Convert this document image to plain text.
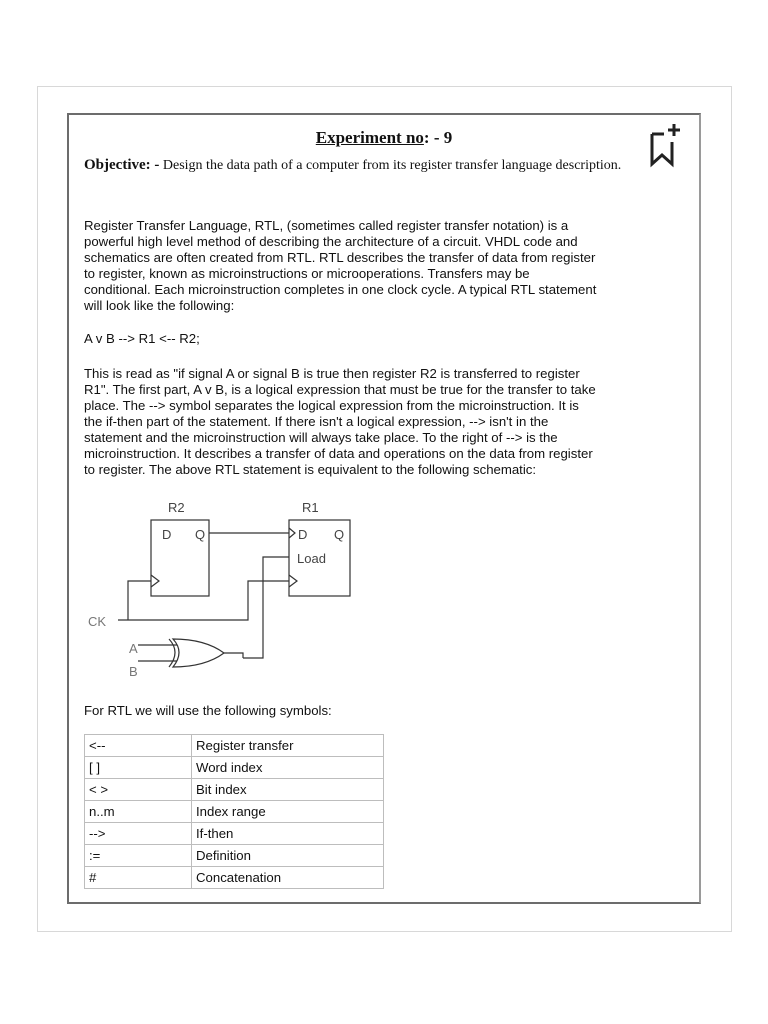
Experiment no: - 9
Objective: - Design the data path of a computer from its register transfer language description.

Register Transfer Language, RTL, (sometimes called register transfer notation) is a
powerful high level method of describing the architecture of a circuit. VHDL code and
schematics are often created from RTL. RTL describes the transfer of data from register
to register, known as microinstructions or microoperations. Transfers may be
conditional. Each microinstruction completes in one clock cycle. A typical RTL statement
will look like the following:

A v B --> R1 <-- R2;

This is read as "if signal A or signal B is true then register R2 is transferred to register
R1". The first part, A v B, is a logical expression that must be true for the transfer to take
place. The --> symbol separates the logical expression from the microinstruction. It is
the if-then part of the statement. If there isn't a logical expression, --> isn't in the
statement and the microinstruction will always take place. To the right of --> is the
microinstruction. It describes a transfer of data and operations on the data from register
to register. The above RTL statement is equivalent to the following schematic:

R2	R1
D Q	D Q
Load
CK
A
B
For RTL we will use the following symbols:
<--	Register transfer
[ ]	Word index
< >	Bit index
n..m	Index range
-->	If-then
:=	Definition
#	Concatenation
